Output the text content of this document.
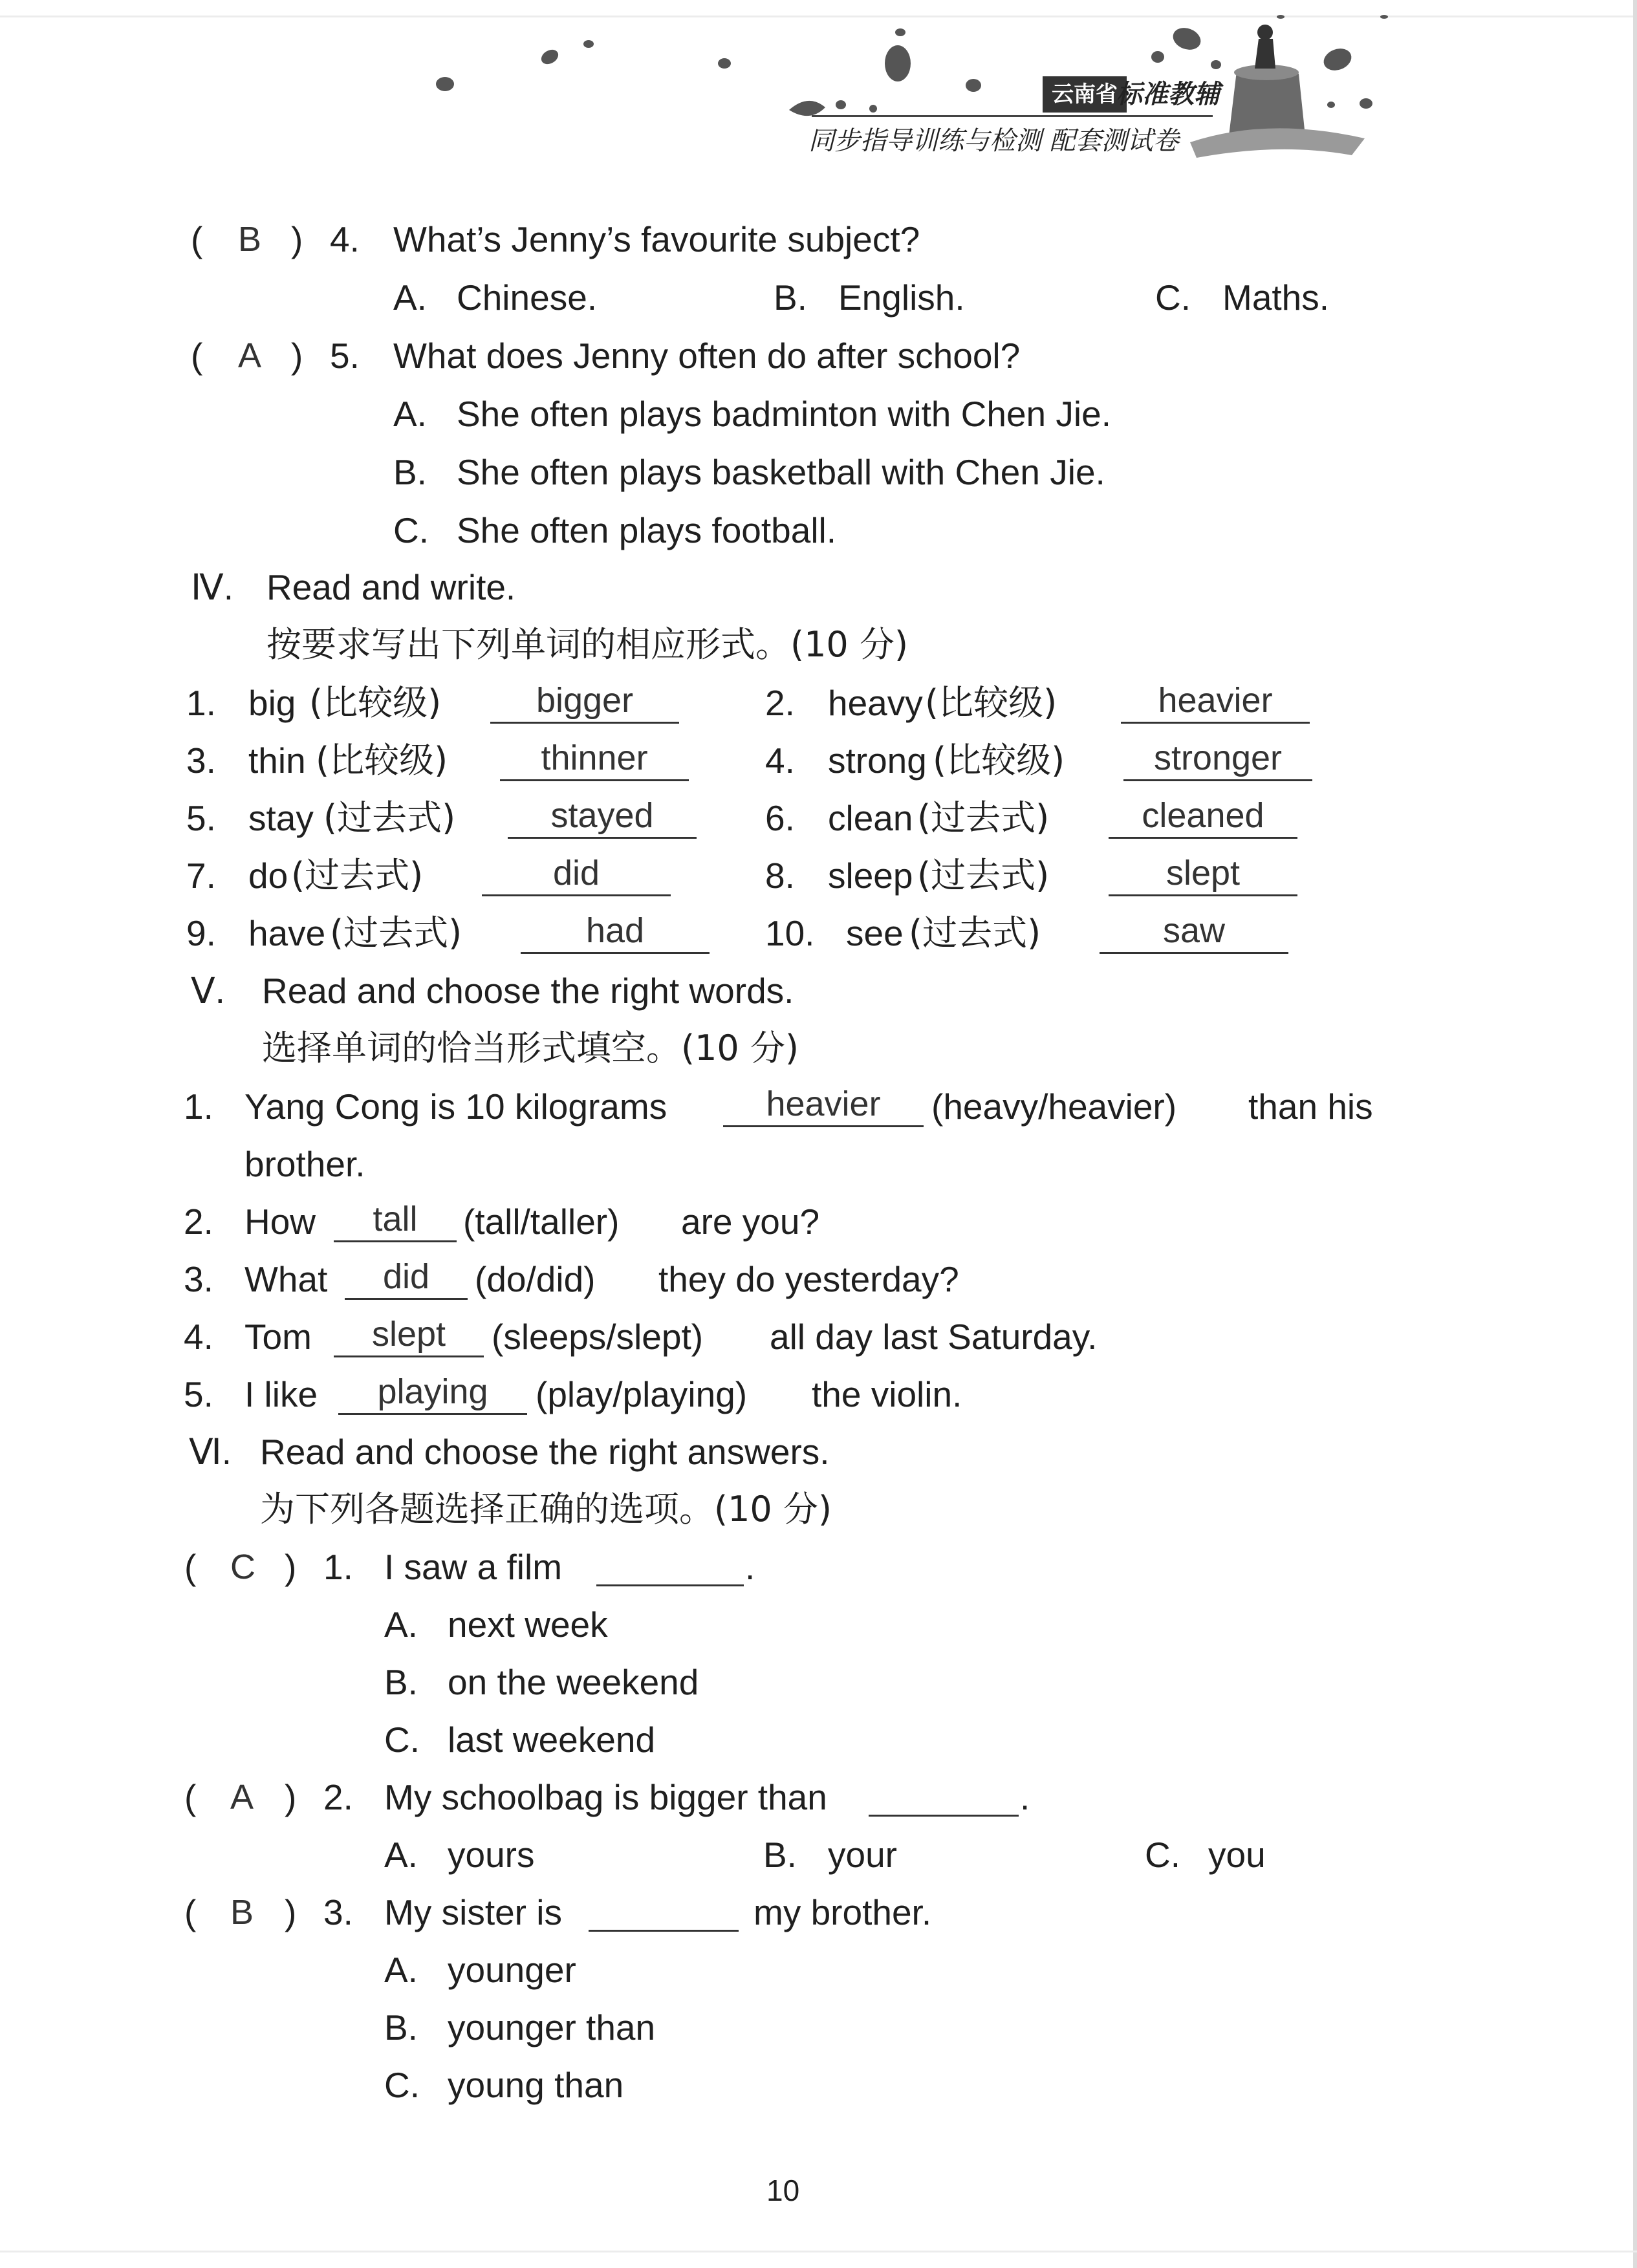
云南省
标准教辅
同步指导训练与检测 配套测试卷
( B ) 4. What’s Jenny’s favourite subject?
A. Chinese.	B. English.	C. Maths.
( A ) 5. What does Jenny often do after school?
A. She often plays badminton with Chen Jie.
B. She often plays basketball with Chen Jie.
C. She often plays football.
Ⅳ. Read and write.
按要求写出下列单词的相应形式。(10 分)
1. big (比较级)	bigger	2. heavy (比较级)	heavier
3. thin (比较级)	thinner	4. strong (比较级)	stronger
5. stay (过去式)	stayed	6. clean (过去式)	cleaned
7. do (过去式)	did	8. sleep (过去式)	slept
9. have (过去式)	had	10. see (过去式)	saw
Ⅴ. Read and choose the right words.
选择单词的恰当形式填空。(10 分)
1. Yang Cong is 10 kilograms	heavier	(heavy/heavier) than his
brother.
2. How	tall	(tall/taller) are you?
3. What	did	(do/did) they do yesterday?
4. Tom	slept	(sleeps/slept) all day last Saturday.
5. I like	playing	(play/playing) the violin.
Ⅵ. Read and choose the right answers.
为下列各题选择正确的选项。(10 分)
( C ) 1. I saw a film	.
A. next week
B. on the weekend
C. last weekend
( A ) 2. My schoolbag is bigger than	.
A. yours	B. your	C. you
( B ) 3. My sister is	my brother.
A. younger
B. younger than
C. young than
10
